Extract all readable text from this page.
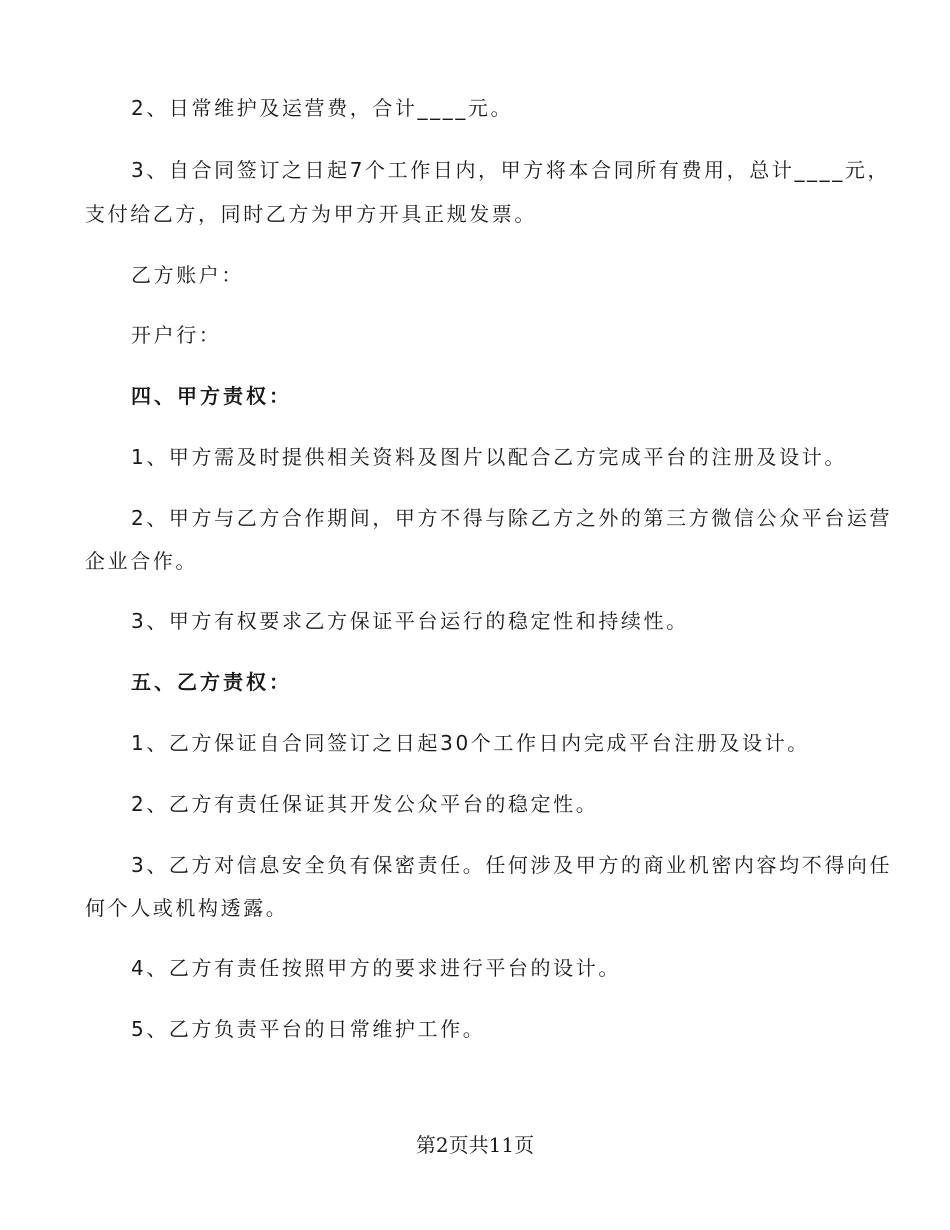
2、日常维护及运营费，合计____元。
3、自合同签订之日起7个工作日内，甲方将本合同所有费用，总计____元，
支付给乙方，同时乙方为甲方开具正规发票。
乙方账户：
开户行：
四、甲方责权：
1、甲方需及时提供相关资料及图片以配合乙方完成平台的注册及设计。
2、甲方与乙方合作期间，甲方不得与除乙方之外的第三方微信公众平台运营
企业合作。
3、甲方有权要求乙方保证平台运行的稳定性和持续性。
五、乙方责权：
1、乙方保证自合同签订之日起30个工作日内完成平台注册及设计。
2、乙方有责任保证其开发公众平台的稳定性。
3、乙方对信息安全负有保密责任。任何涉及甲方的商业机密内容均不得向任
何个人或机构透露。
4、乙方有责任按照甲方的要求进行平台的设计。
5、乙方负责平台的日常维护工作。
第2页共11页
